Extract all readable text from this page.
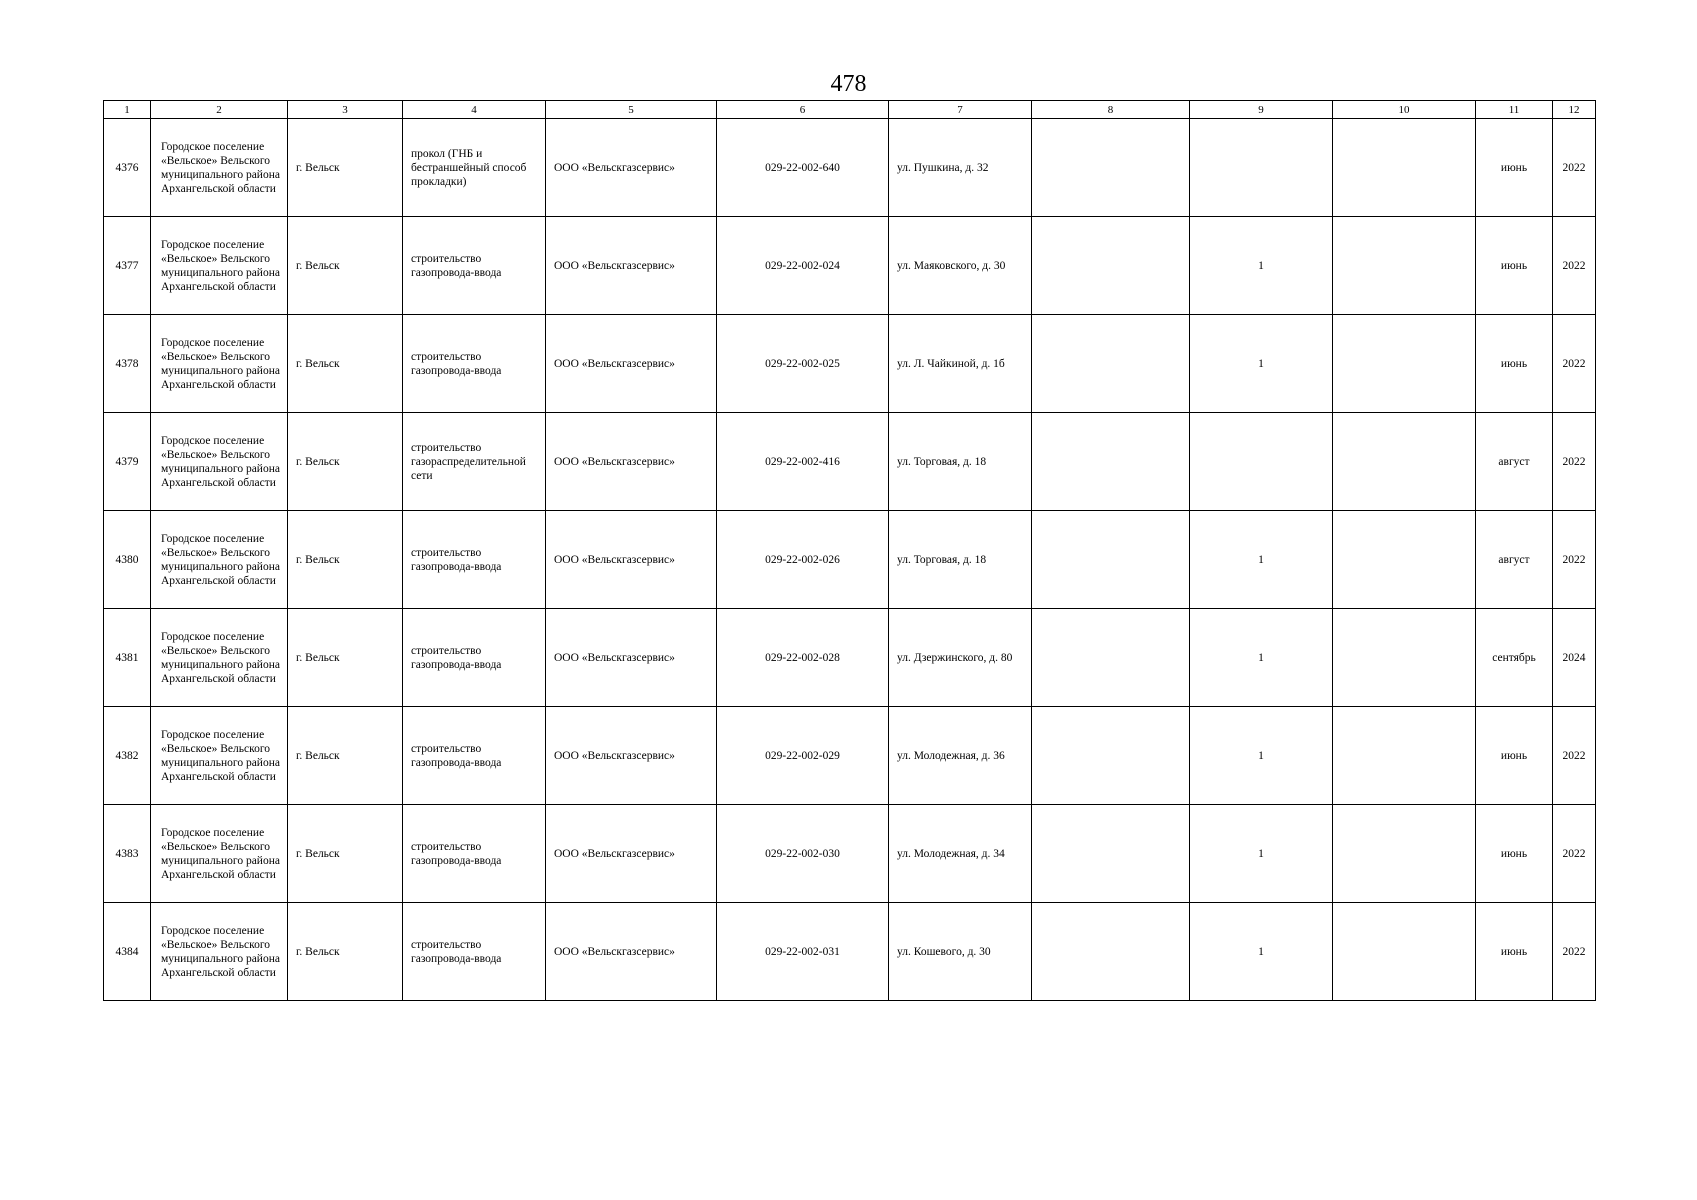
478
1	2	3	4	5	6	7	8	9	10	11	12
4376	Городское поселение «Вельское» Вельского муниципального района Архангельской области	г. Вельск	прокол (ГНБ и бестраншейный способ прокладки)	ООО «Вельскгазсервис»	029-22-002-640	ул. Пушкина, д. 32				июнь	2022
4377	Городское поселение «Вельское» Вельского муниципального района Архангельской области	г. Вельск	строительство газопровода-ввода	ООО «Вельскгазсервис»	029-22-002-024	ул. Маяковского, д. 30		1		июнь	2022
4378	Городское поселение «Вельское» Вельского муниципального района Архангельской области	г. Вельск	строительство газопровода-ввода	ООО «Вельскгазсервис»	029-22-002-025	ул. Л. Чайкиной, д. 1б		1		июнь	2022
4379	Городское поселение «Вельское» Вельского муниципального района Архангельской области	г. Вельск	строительство газораспределительной сети	ООО «Вельскгазсервис»	029-22-002-416	ул. Торговая, д. 18				август	2022
4380	Городское поселение «Вельское» Вельского муниципального района Архангельской области	г. Вельск	строительство газопровода-ввода	ООО «Вельскгазсервис»	029-22-002-026	ул. Торговая, д. 18		1		август	2022
4381	Городское поселение «Вельское» Вельского муниципального района Архангельской области	г. Вельск	строительство газопровода-ввода	ООО «Вельскгазсервис»	029-22-002-028	ул. Дзержинского, д. 80		1		сентябрь	2024
4382	Городское поселение «Вельское» Вельского муниципального района Архангельской области	г. Вельск	строительство газопровода-ввода	ООО «Вельскгазсервис»	029-22-002-029	ул. Молодежная, д. 36		1		июнь	2022
4383	Городское поселение «Вельское» Вельского муниципального района Архангельской области	г. Вельск	строительство газопровода-ввода	ООО «Вельскгазсервис»	029-22-002-030	ул. Молодежная, д. 34		1		июнь	2022
4384	Городское поселение «Вельское» Вельского муниципального района Архангельской области	г. Вельск	строительство газопровода-ввода	ООО «Вельскгазсервис»	029-22-002-031	ул. Кошевого, д. 30		1		июнь	2022
